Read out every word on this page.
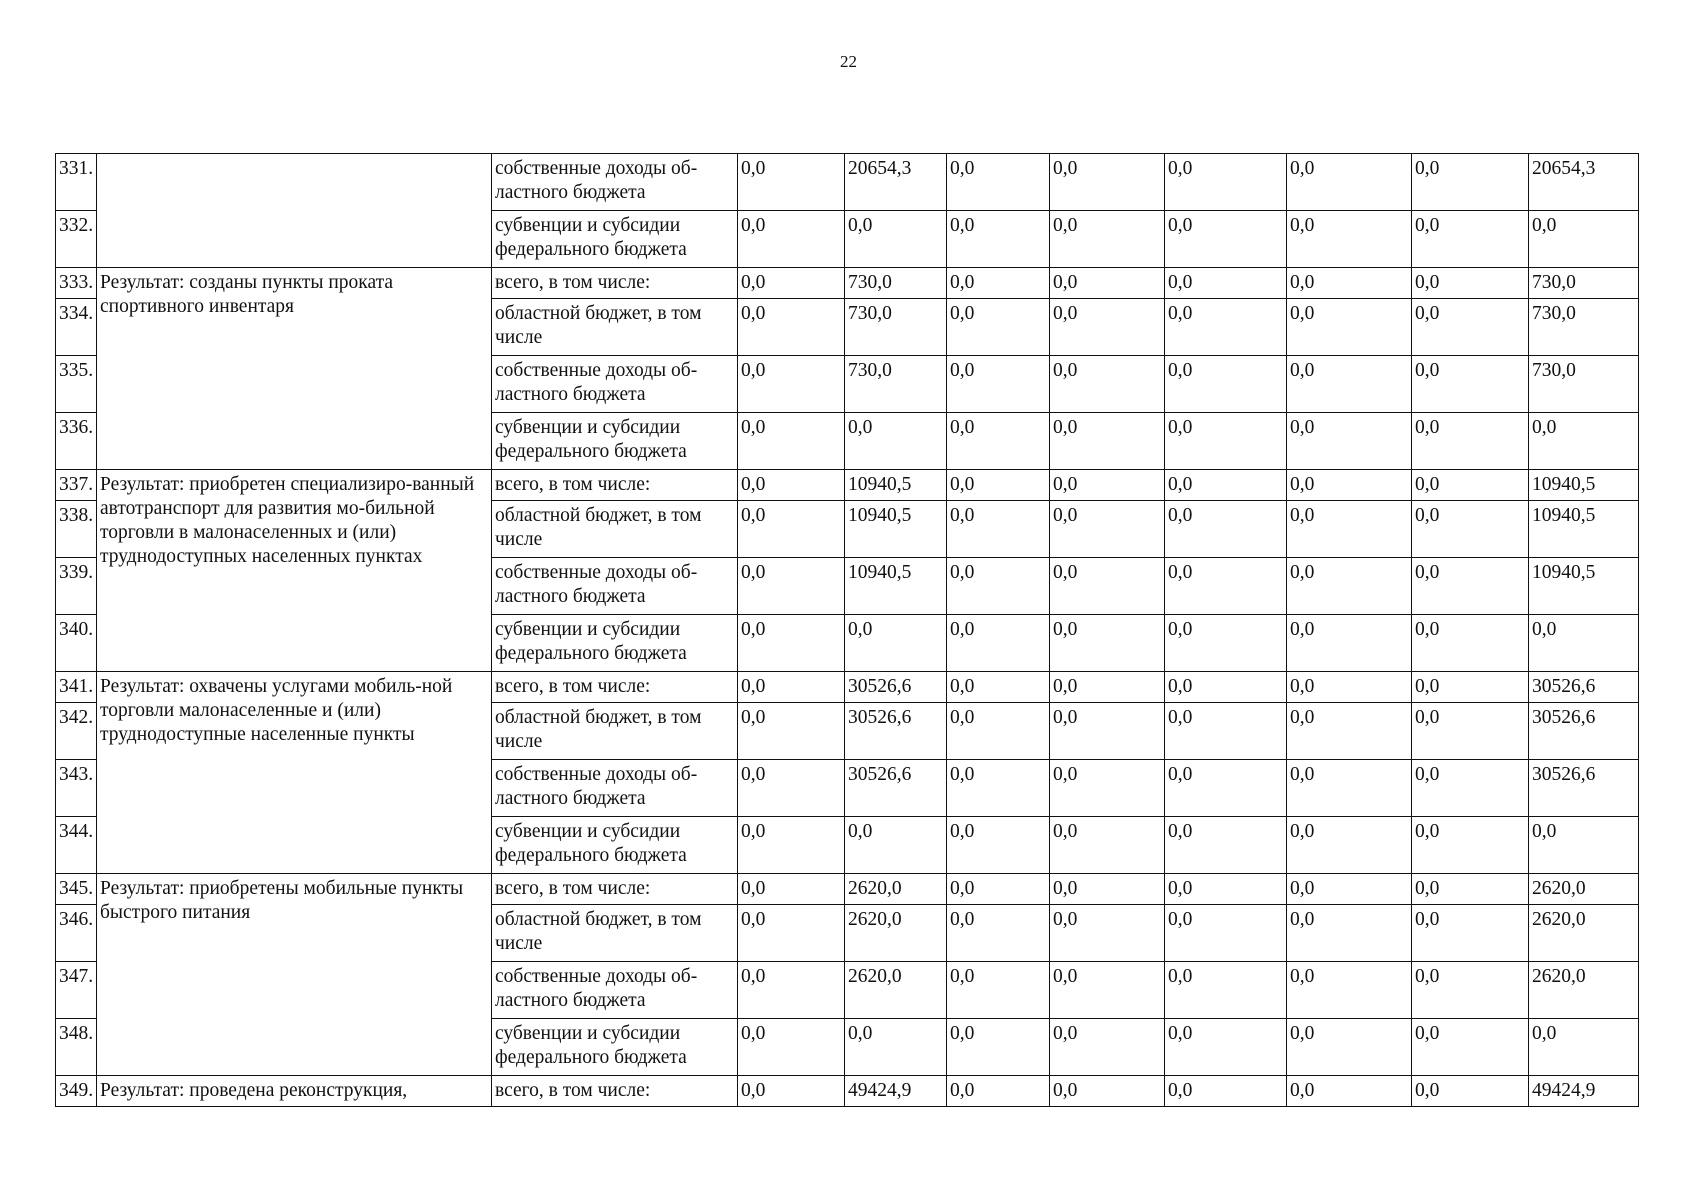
22
331.		собственные доходы об-ластного бюджета	0,0	20654,3	0,0	0,0	0,0	0,0	0,0	20654,3
332.		субвенции и субсидии федерального бюджета	0,0	0,0	0,0	0,0	0,0	0,0	0,0	0,0
333.	Результат: созданы пункты проката спортивного инвентаря	всего, в том числе:	0,0	730,0	0,0	0,0	0,0	0,0	0,0	730,0
334.		областной бюджет, в том числе	0,0	730,0	0,0	0,0	0,0	0,0	0,0	730,0
335.		собственные доходы об-ластного бюджета	0,0	730,0	0,0	0,0	0,0	0,0	0,0	730,0
336.		субвенции и субсидии федерального бюджета	0,0	0,0	0,0	0,0	0,0	0,0	0,0	0,0
337.	Результат: приобретен специализиро-ванный автотранспорт для развития мо-бильной торговли в малонаселенных и (или) труднодоступных населенных пунктах	всего, в том числе:	0,0	10940,5	0,0	0,0	0,0	0,0	0,0	10940,5
338.		областной бюджет, в том числе	0,0	10940,5	0,0	0,0	0,0	0,0	0,0	10940,5
339.		собственные доходы об-ластного бюджета	0,0	10940,5	0,0	0,0	0,0	0,0	0,0	10940,5
340.		субвенции и субсидии федерального бюджета	0,0	0,0	0,0	0,0	0,0	0,0	0,0	0,0
341.	Результат: охвачены услугами мобиль-ной торговли малонаселенные и (или) труднодоступные населенные пункты	всего, в том числе:	0,0	30526,6	0,0	0,0	0,0	0,0	0,0	30526,6
342.		областной бюджет, в том числе	0,0	30526,6	0,0	0,0	0,0	0,0	0,0	30526,6
343.		собственные доходы об-ластного бюджета	0,0	30526,6	0,0	0,0	0,0	0,0	0,0	30526,6
344.		субвенции и субсидии федерального бюджета	0,0	0,0	0,0	0,0	0,0	0,0	0,0	0,0
345.	Результат: приобретены мобильные пункты быстрого питания	всего, в том числе:	0,0	2620,0	0,0	0,0	0,0	0,0	0,0	2620,0
346.		областной бюджет, в том числе	0,0	2620,0	0,0	0,0	0,0	0,0	0,0	2620,0
347.		собственные доходы об-ластного бюджета	0,0	2620,0	0,0	0,0	0,0	0,0	0,0	2620,0
348.		субвенции и субсидии федерального бюджета	0,0	0,0	0,0	0,0	0,0	0,0	0,0	0,0
349.	Результат: проведена реконструкция,	всего, в том числе:	0,0	49424,9	0,0	0,0	0,0	0,0	0,0	49424,9
